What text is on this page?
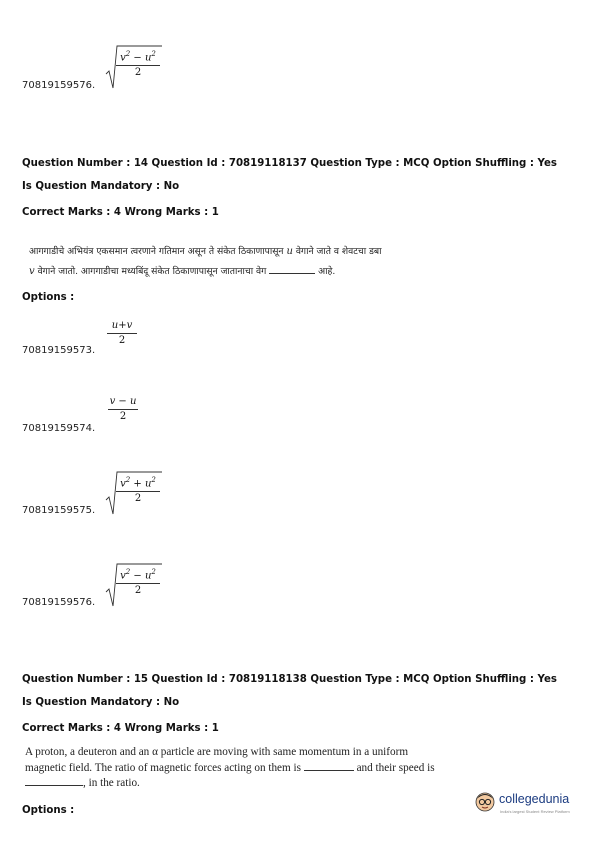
$v^2 - u^2$
2
70819159576.
Question Number : 14 Question Id : 70819118137 Question Type : MCQ Option Shuffling : Yes
Is Question Mandatory : No
Correct Marks : 4 Wrong Marks : 1
आगगाडीचे अभियंत्र एकसमान त्वरणाने गतिमान असून ते संकेत ठिकाणापासून u वेगाने जाते व शेवटचा डबा
v वेगाने जातो. आगगाडीचा मध्यबिंदू संकेत ठिकाणापासून जातानाचा वेग	आहे.
Options :
u+v
2
70819159573.
v − u
2
70819159574.
$v^2 + u^2$
2
70819159575.
$v^2 - u^2$
2
70819159576.
Question Number : 15 Question Id : 70819118138 Question Type : MCQ Option Shuffling : Yes
Is Question Mandatory : No
Correct Marks : 4 Wrong Marks : 1
A proton, a deuteron and an α particle are moving with same momentum in a uniform
magnetic field. The ratio of magnetic forces acting on them is	and their speed is
, in the ratio.
Options :
collegedunia
India's largest Student Review Platform
